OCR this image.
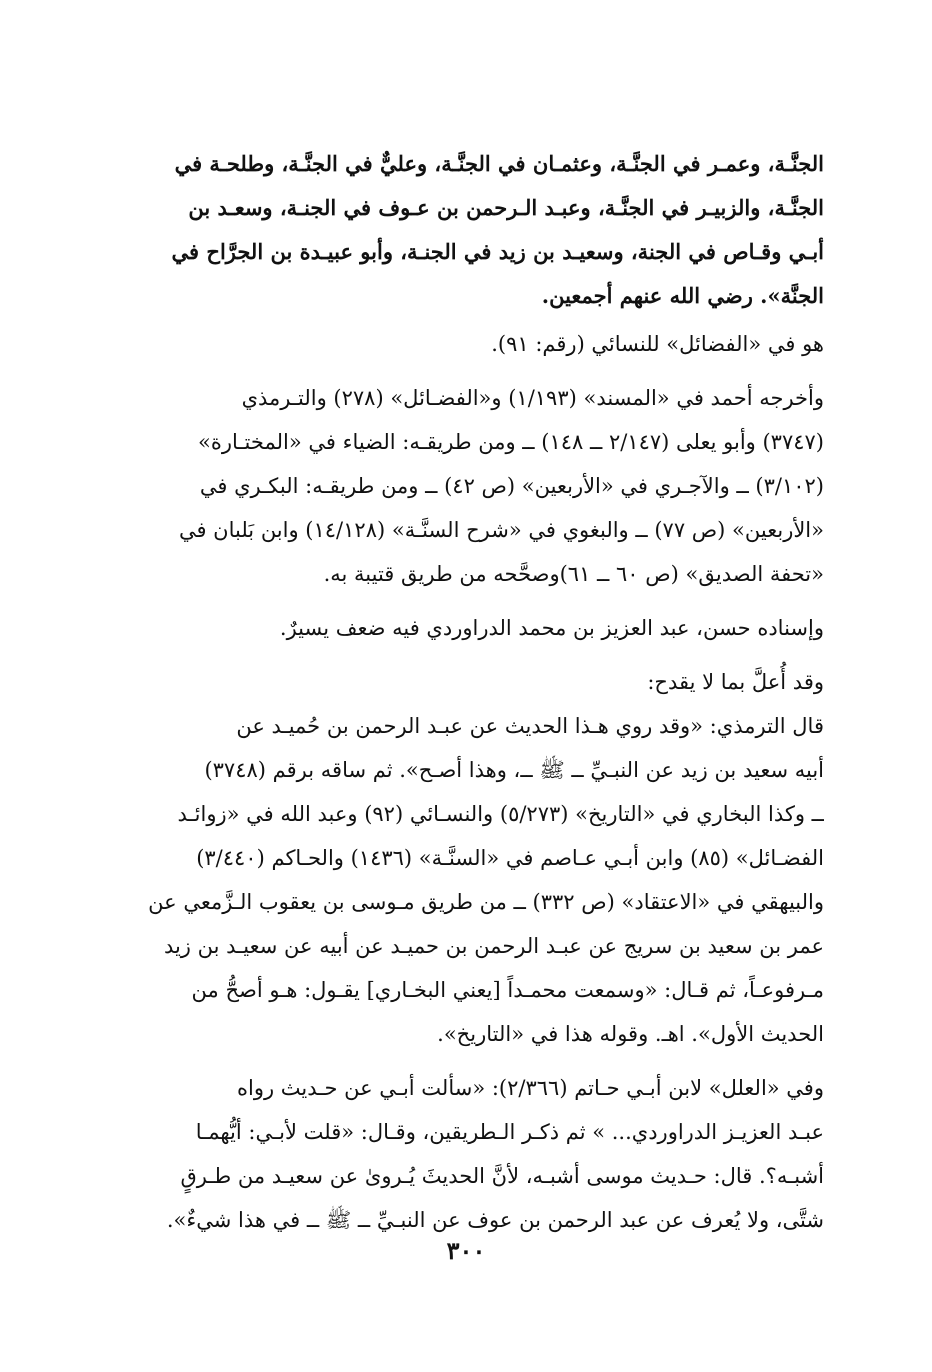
الجنَّـة، وعمـر في الجنَّـة، وعثمـان في الجنَّـة، وعليٌّ في الجنَّـة، وطلحـة في
الجنَّـة، والزبيـر في الجنَّـة، وعبـد الـرحمن بن عـوف في الجنـة، وسعـد بن
أبـي وقـاص في الجنة، وسعيـد بن زيد في الجنـة، وأبو عبيـدة بن الجرَّاح في
الجنَّة». رضي الله عنهم أجمعين.
هو في «الفضائل» للنسائي (رقم: ٩١).
وأخرجه أحمد في «المسند» (١/١٩٣) و«الفضـائل» (٢٧٨) والتـرمذي
(٣٧٤٧) وأبو يعلى (٢/١٤٧ ــ ١٤٨) ــ ومن طريقـه: الضياء في «المختـارة»
(٣/١٠٢) ــ والآجـري في «الأربعين» (ص ٤٢) ــ ومن طريقـه: البكـري في
«الأربعين» (ص ٧٧) ــ والبغوي في «شرح السنَّـة» (١٤/١٢٨) وابن بَلبان في
«تحفة الصديق» (ص ٦٠ ــ ٦١)وصحَّحه من طريق قتيبة به.
وإسناده حسن، عبد العزيز بن محمد الدراوردي فيه ضعف يسيرٌ.
وقد أُعلَّ بما لا يقدح:
قال الترمذي: «وقد روي هـذا الحديث عن عبـد الرحمن بن حُميـد عن
أبيه سعيد بن زيد عن النبـيِّ ــ ﷺ ــ، وهذا أصـح». ثم ساقه برقم (٣٧٤٨)
ــ وكذا البخاري في «التاريخ» (٥/٢٧٣) والنسـائي (٩٢) وعبد الله في «زوائـد
الفضـائل» (٨٥) وابن أبـي عـاصم في «السنَّـة» (١٤٣٦) والحـاكم (٣/٤٤٠)
والبيهقي في «الاعتقاد» (ص ٣٣٢) ــ من طريق مـوسى بن يعقوب الـزَّمعي عن
عمر بن سعيد بن سريج عن عبـد الرحمن بن حميـد عن أبيه عن سعيـد بن زيد
مـرفوعـاً، ثم قـال: «وسمعت محمـداً [يعني البخـاري] يقـول: هـو أصحُّ من
الحديث الأول». اهـ. وقوله هذا في «التاريخ».
وفي «العلل» لابن أبـي حـاتم (٢/٣٦٦): «سألت أبـي عن حـديث رواه
عبـد العزيـز الدراوردي... » ثم ذكـر الـطريقين، وقـال: «قلت لأبـي: أيُّهمـا
أشبـه؟. قال: حـديث موسى أشبـه، لأنَّ الحديثَ يُـروىٰ عن سعيـد من طـرقٍ
شتَّى، ولا يُعرف عن عبد الرحمن بن عوف عن النبـيِّ ــ ﷺ ــ في هذا شيءٌ».
٣٠٠
